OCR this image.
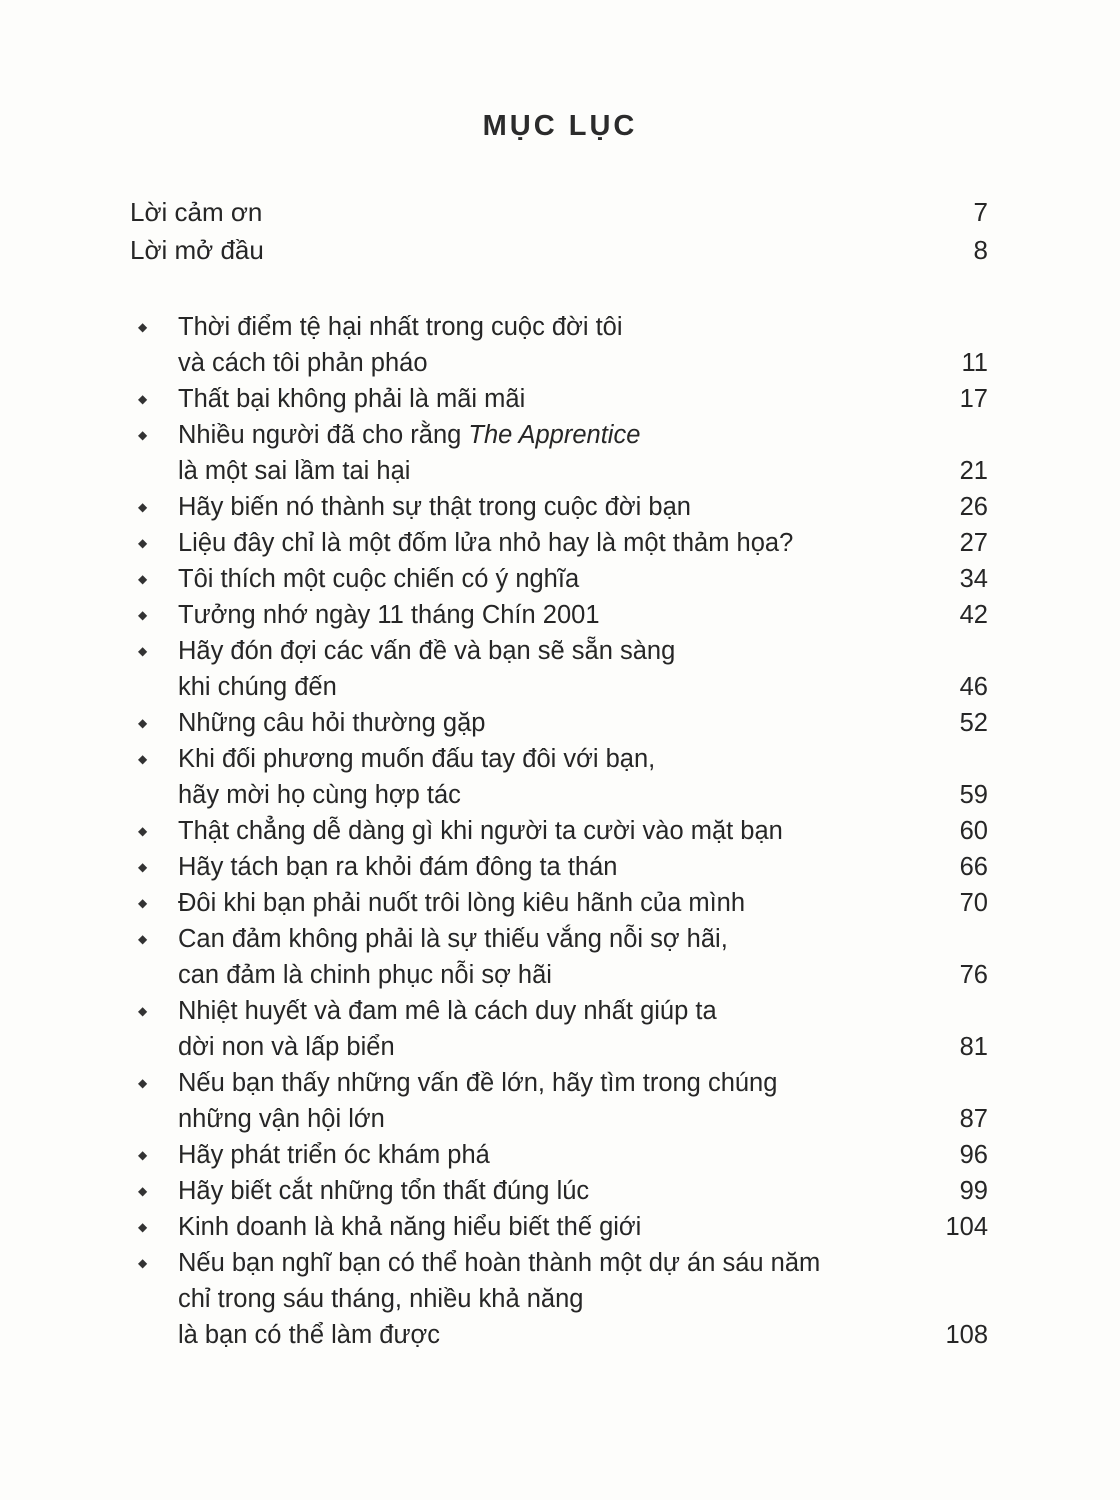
MỤC LỤC
Lời cảm ơn	7
Lời mở đầu	8
◆	Thời điểm tệ hại nhất trong cuộc đời tôi
và cách tôi phản pháo	11
◆	Thất bại không phải là mãi mãi	17
◆	Nhiều người đã cho rằng The Apprentice
là một sai lầm tai hại	21
◆	Hãy biến nó thành sự thật trong cuộc đời bạn	26
◆	Liệu đây chỉ là một đốm lửa nhỏ hay là một thảm họa?	27
◆	Tôi thích một cuộc chiến có ý nghĩa	34
◆	Tưởng nhớ ngày 11 tháng Chín 2001	42
◆	Hãy đón đợi các vấn đề và bạn sẽ sẵn sàng
khi chúng đến	46
◆	Những câu hỏi thường gặp	52
◆	Khi đối phương muốn đấu tay đôi với bạn,
hãy mời họ cùng hợp tác	59
◆	Thật chẳng dễ dàng gì khi người ta cười vào mặt bạn	60
◆	Hãy tách bạn ra khỏi đám đông ta thán	66
◆	Đôi khi bạn phải nuốt trôi lòng kiêu hãnh của mình	70
◆	Can đảm không phải là sự thiếu vắng nỗi sợ hãi,
can đảm là chinh phục nỗi sợ hãi	76
◆	Nhiệt huyết và đam mê là cách duy nhất giúp ta
dời non và lấp biển	81
◆	Nếu bạn thấy những vấn đề lớn, hãy tìm trong chúng
những vận hội lớn	87
◆	Hãy phát triển óc khám phá	96
◆	Hãy biết cắt những tổn thất đúng lúc	99
◆	Kinh doanh là khả năng hiểu biết thế giới	104
◆	Nếu bạn nghĩ bạn có thể hoàn thành một dự án sáu năm
chỉ trong sáu tháng, nhiều khả năng
là bạn có thể làm được	108
